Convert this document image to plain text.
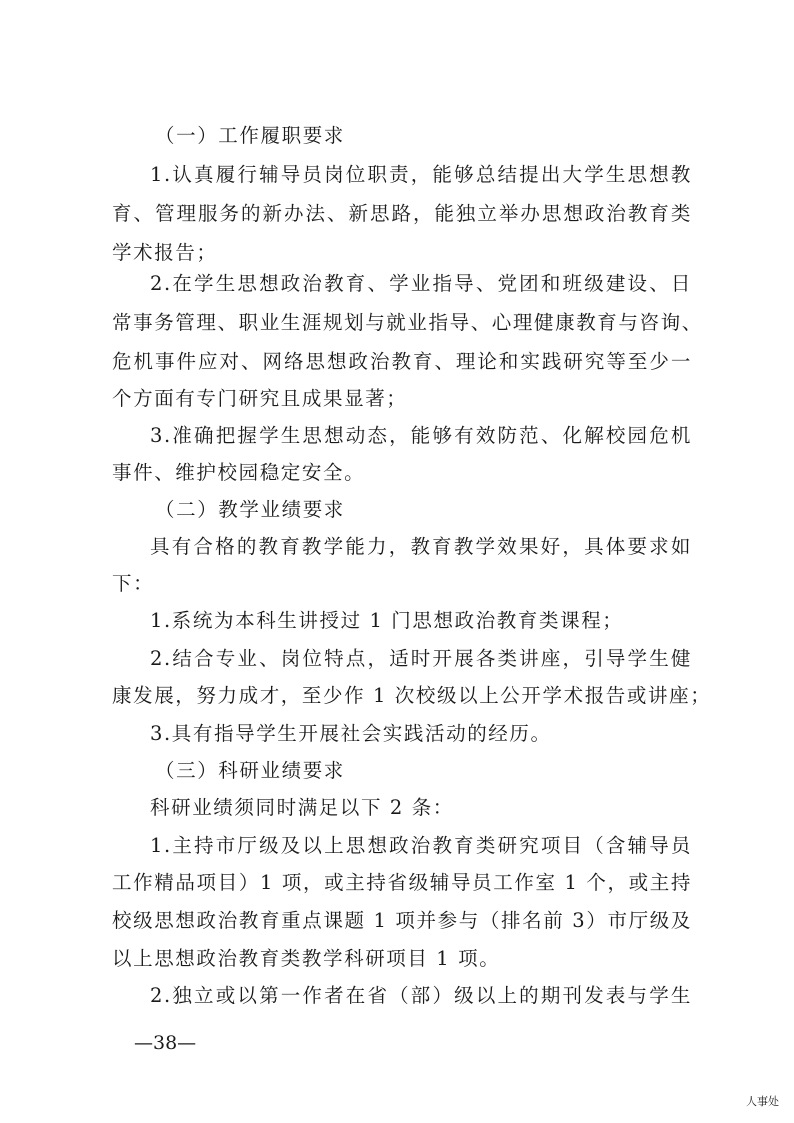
（一）工作履职要求
1.认真履行辅导员岗位职责，能够总结提出大学生思想教
育、管理服务的新办法、新思路，能独立举办思想政治教育类
学术报告；
2.在学生思想政治教育、学业指导、党团和班级建设、日
常事务管理、职业生涯规划与就业指导、心理健康教育与咨询、
危机事件应对、网络思想政治教育、理论和实践研究等至少一
个方面有专门研究且成果显著；
3.准确把握学生思想动态，能够有效防范、化解校园危机
事件、维护校园稳定安全。
（二）教学业绩要求
具有合格的教育教学能力，教育教学效果好，具体要求如
下：
1.系统为本科生讲授过 1 门思想政治教育类课程；
2.结合专业、岗位特点，适时开展各类讲座，引导学生健
康发展，努力成才，至少作 1 次校级以上公开学术报告或讲座；
3.具有指导学生开展社会实践活动的经历。
（三）科研业绩要求
科研业绩须同时满足以下 2 条：
1.主持市厅级及以上思想政治教育类研究项目（含辅导员
工作精品项目）1 项，或主持省级辅导员工作室 1 个，或主持
校级思想政治教育重点课题 1 项并参与（排名前 3）市厅级及
以上思想政治教育类教学科研项目 1 项。
2.独立或以第一作者在省（部）级以上的期刊发表与学生
—38—
人事处
